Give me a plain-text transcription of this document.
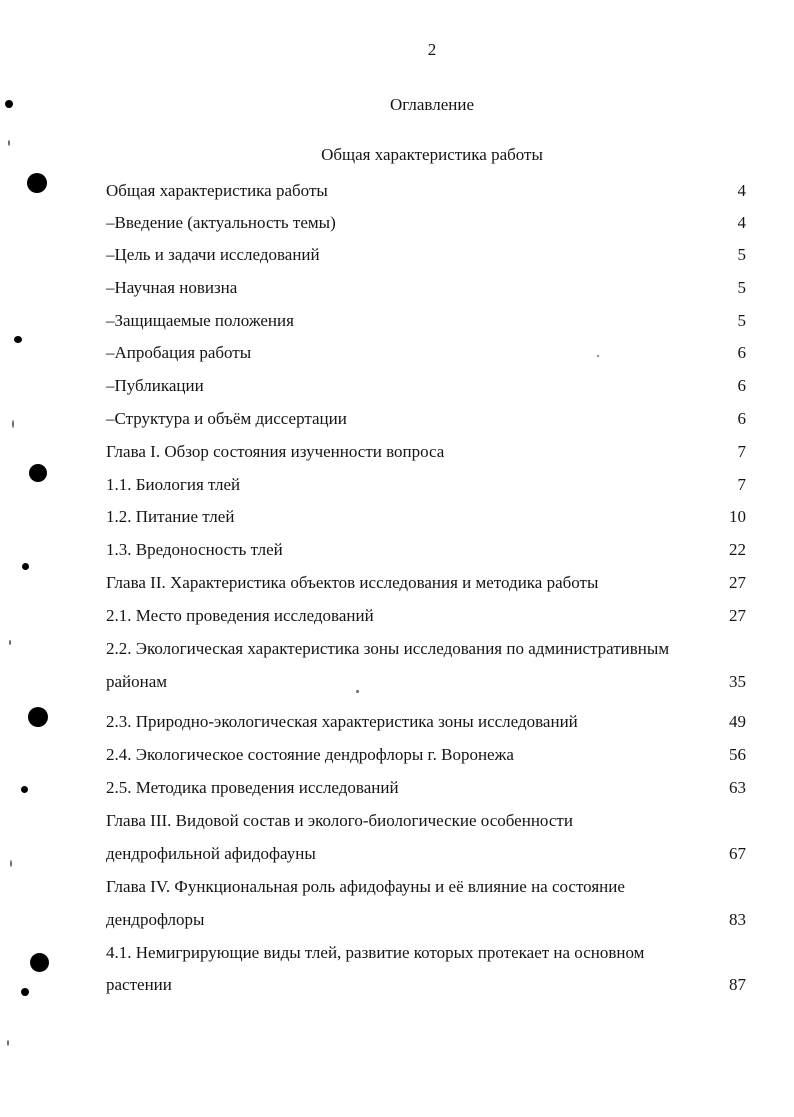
2
Оглавление
Общая характеристика работы
Общая характеристика работы	4
–Введение (актуальность темы)	4
–Цель и задачи исследований	5
–Научная новизна	5
–Защищаемые положения	5
–Апробация работы	6
–Публикации	6
–Структура и объём диссертации	6
Глава I. Обзор состояния изученности вопроса	7
1.1. Биология тлей	7
1.2. Питание тлей	10
1.3. Вредоносность тлей	22
Глава II. Характеристика объектов исследования и методика работы	27
2.1. Место проведения исследований	27
2.2. Экологическая характеристика зоны исследования по административным
районам	35
2.3. Природно-экологическая характеристика зоны исследований	49
2.4. Экологическое состояние дендрофлоры г. Воронежа	56
2.5. Методика проведения исследований	63
Глава III. Видовой состав и эколого-биологические особенности
дендрофильной афидофауны	67
Глава IV. Функциональная роль афидофауны и её влияние на состояние
дендрофлоры	83
4.1. Немигрирующие виды тлей, развитие которых протекает на основном
растении	87
